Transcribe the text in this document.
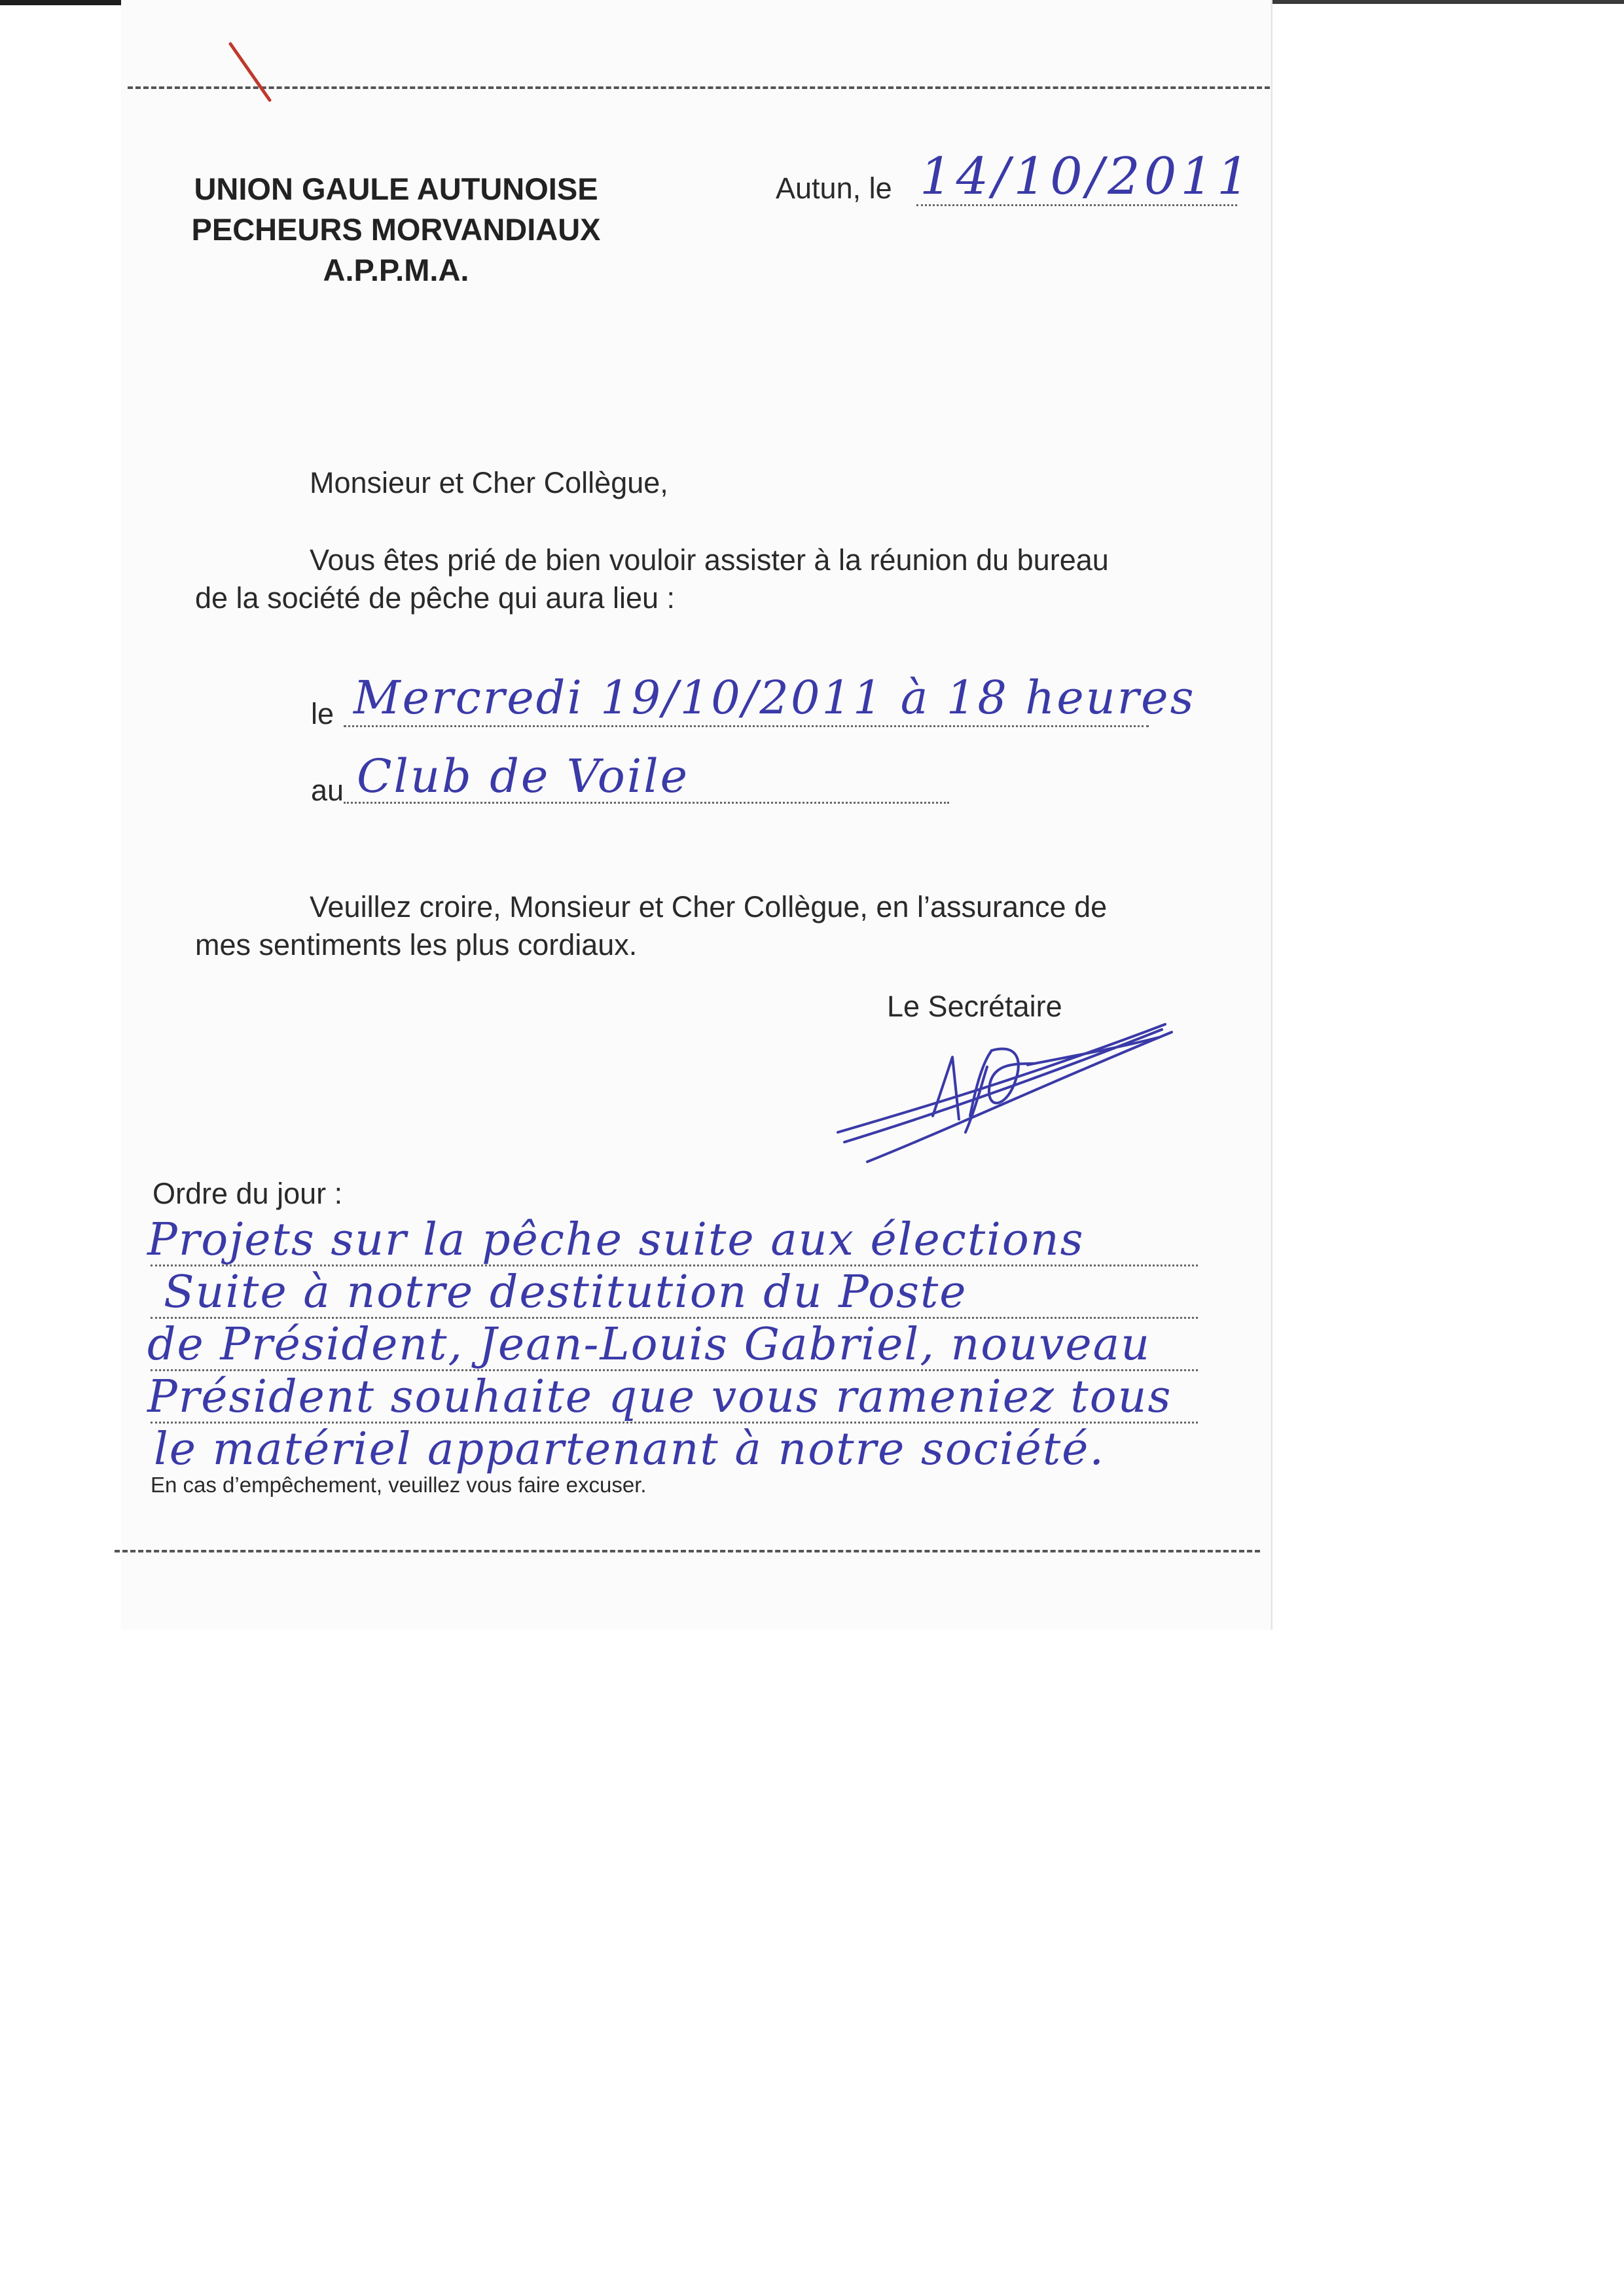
UNION GAULE AUTUNOISE
PECHEURS MORVANDIAUX
A.P.P.M.A.
Autun, le 14/10/2011
Monsieur et Cher Collègue,
Vous êtes prié de bien vouloir assister à la réunion du bureau
de la société de pêche qui aura lieu :
le Mercredi 19/10/2011 à 18 heures
au Club de Voile
Veuillez croire, Monsieur et Cher Collègue, en l’assurance de
mes sentiments les plus cordiaux.
Le Secrétaire
Ordre du jour :
Projets sur la pêche suite aux élections
Suite à notre destitution du Poste
de Président, Jean-Louis Gabriel, nouveau
Président souhaite que vous rameniez tous
le matériel appartenant à notre société.
En cas d’empêchement, veuillez vous faire excuser.
